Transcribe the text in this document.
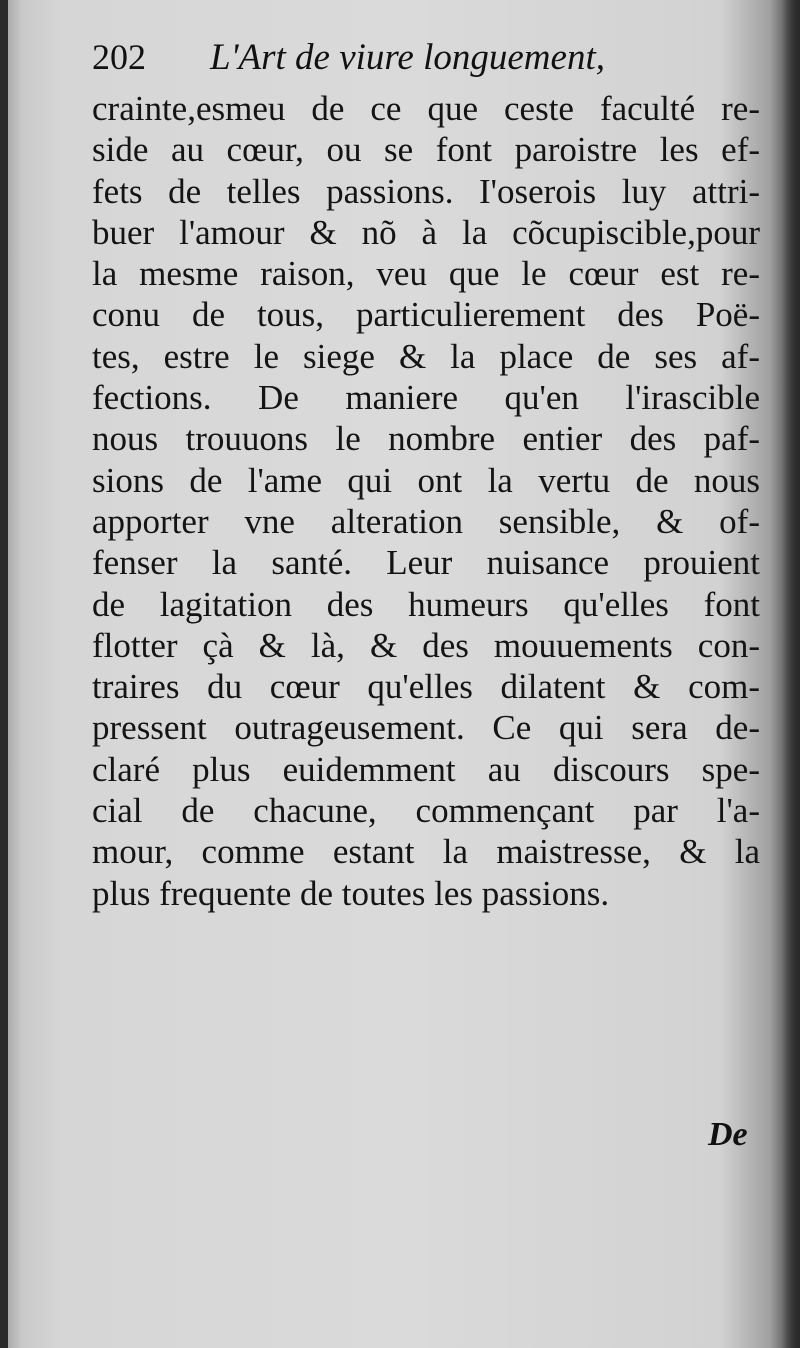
202 L'Art de viure longuement,
crainte,esmeu de ce que ceste faculté re-
side au cœur, ou se font paroistre les ef-
fets de telles passions. I'oserois luy attri-
buer l'amour & nõ à la cõcupiscible,pour
la mesme raison, veu que le cœur est re-
conu de tous, particulierement des Poë-
tes, estre le siege & la place de ses af-
fections. De maniere qu'en l'irascible
nous trouuons le nombre entier des paf-
sions de l'ame qui ont la vertu de nous
apporter vne alteration sensible, & of-
fenser la santé. Leur nuisance prouient
de lagitation des humeurs qu'elles font
flotter çà & là, & des mouuements con-
traires du cœur qu'elles dilatent & com-
pressent outrageusement. Ce qui sera de-
claré plus euidemment au discours spe-
cial de chacune, commençant par l'a-
mour, comme estant la maistresse, & la
plus frequente de toutes les passions.
De
